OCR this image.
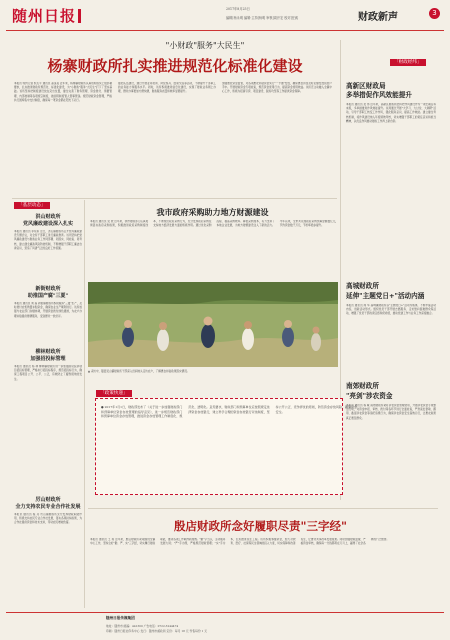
随州日报	2017年8月25日
编辑|杨永明 编辑·主持|杨明 审核|周开宏 校对|任威	财政新声	3
"小财政"服务"大民生"
杨寨财政所扎实推进规范化标准化建设

本报讯 特约记者 熊太平 通讯员 高炎炎 近年来，杨寨镇财政所认真贯彻落实上级部署要求，扎实推进财政所规范化、标准化建设，为"小财政"服务"大民生"打下了坚实基础。该所坚持把制度建设放在突出位置，健全完善了财务管理、资金拨付、票据管理、内部控制等各项规章制度，做到用制度管人管事管钱。规范财政资金管理，严格执行国库集中支付制度，确保每一笔资金都在阳光下运行。

强化队伍建设，通过开展业务培训、岗位练兵、经验交流等活动，不断提升干部职工的业务能力和服务水平。同时，该所积极推进信息化建设，实现了财政业务网上办理，群众办事更加方便快捷，财政服务质量和效率显著提升。

加强惠农资金监管，对各项惠农补贴资金实行"一卡通"发放，确保惠农资金及时足额发放到农户手中。开展财政资金专项检查，规范资金使用行为，提高资金使用效益。该所还主动融入全镇中心工作，积极为招商引资、项目建设、脱贫攻坚等工作提供资金保障。

「 基层动态 」
洪山财政所
党风廉政建设深入扎实

本报讯 通讯员 李东东 近日，洪山镇财政所召开党风廉政建设专题会议，对全所干部职工进行廉政教育。该所坚持把党风廉政建设与财政业务工作同部署、同落实、同检查、同考核，建立健全廉政风险防控机制，不断增强干部职工廉洁自律意识，营造了风清气正的良好工作氛围。

新街财政所
助推国产腐"三夏"

本报讯 通讯员 周 淼 新街镇财政所积极服务"三夏"生产，及时拨付农机购置补贴资金，确保农业生产顺利进行。该所加强与农业部门沟通协调，开通资金拨付绿色通道，为农户办理补贴提供便捷服务，受到群众一致好评。

柳林财政所
加强招投标管理

本报讯 通讯员 杨 林 柳林镇财政所进一步加强政府投资项目招投标管理，严格执行招投标程序，规范招投标行为，确保工程项目公开、公平、公正，有效防止了腐败现象的发生。

厉山财政所
全力支持农民专业合作社发展

本报讯 通讯员 程 丹 厉山镇财政所充分发挥财政职能作用，积极支持农民专业合作社发展，落实各项扶持政策，为合作社提供资金和技术支持，带动农民增收致富。

我市政府采购助力地方财源建设

本报讯 通讯员 吴 欣 近年来，我市财政部门认真贯彻落实政府采购政策，积极推进政府采购制度改革，不断规范政府采购行为，充分发挥政府采购在支持地方经济发展方面的积极作用。通过优化采购流程、提高采购效率、降低采购成本，有力支持了本地企业发展，为地方财源建设注入了新的活力。今年以来，全市共完成政府采购预算金额数亿元，节约资金数千万元，节约率稳步提升。

▲ 采访中，随县吴山镇财政所干部深入田间地头走访农户，了解惠农补贴政策落实情况。
「 政策快递 」

● 2017年1月1日，财政部发布了《关于进一步加强财政部门和预算单位资金存放管理的指导意见》，进一步规范财政部门和预算单位资金存放管理，推进资金存放管理工作制度化、规范化、透明化。意见要求，财政部门和预算单位应按照规定选择资金存放银行，建立科学合理的资金存放银行评选制度，坚持公开公正、竞争择优的原则，防范资金存放风险，确保资金安全。

「 财政经纬 」
高新区财政局
多举措促作风效能提升

本报讯 通讯员 吴 伟 近年来，高新区财政局坚持把作风建设作为一项长期任务来抓，多举措推进作风效能提升。该局通过开展"大学习、大讨论、大调研"活动，引导干部职工转变工作作风，强化服务意识，提高工作效能。建立健全考核机制，将作风建设纳入年度绩效考核，切实增强干部职工的责任意识和担当精神，以优良作风推动财政工作再上新台阶。

高城财政所
延伸"主题党日+"活动内涵

本报讯 通讯员 尚 华 高城镇财政所以"主题党日+"活动为载体，不断丰富活动内容，创新活动形式。组织党员干部开展志愿服务、走访慰问困难群众等活动，增强了党员干部的责任感和使命感，推动党建工作与业务工作深度融合。

南郊财政所
"亮剑"涉农资金

本报讯 通讯员 杨 威 南郊财政所紧盯涉农资金管理使用，开展涉农资金专项整治行动，对资金申报、审核、拨付等各环节进行全面检查，严肃查处套取、挪用、截留涉农资金等违纪违规行为，确保涉农资金安全高效运行，让惠农政策真正惠及群众。

殷店财政所念好履职尽责"三字经"

本报讯 通讯员 王 莉 近年来，殷店财政所紧紧围绕全镇中心工作，坚持念好"勤、严、实"三字经，切实履行财政职能，推动各项工作取得新成效。"勤"字当头，主动服务发展大局；"严"字为纲，严格规范财政管理；"实"字为本，扎实推进民生工程。该所积极筹措资金，加大对教育、医疗、社保等民生领域的投入力度，切实保障和改善民生，让群众共享改革发展成果。同时加强财政监督，严格资金审核，确保每一分钱都用在刀刃上，赢得了社会各界的广泛赞誉。

随州日报传媒集团
地址：随州市 邮编：441300 广告电话：0722-3244474
印刷：随州日报社印务中心 发行：随州市邮政局 定价：每月 18 元 零售每份 1 元
